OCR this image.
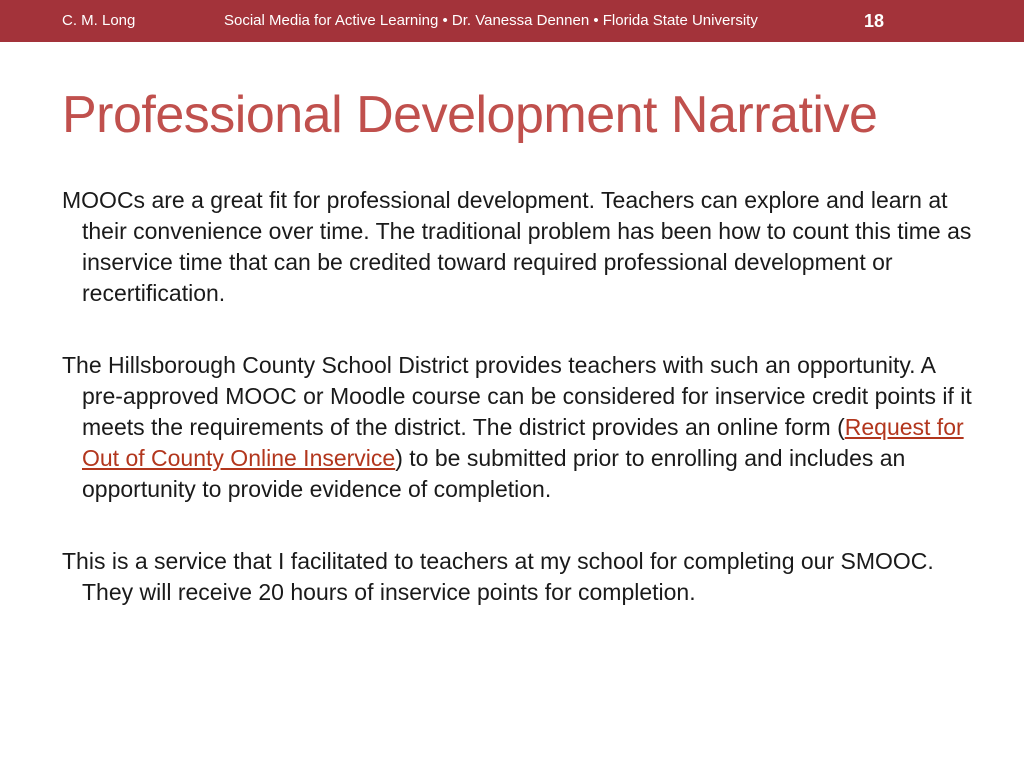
C. M. Long	Social Media for Active Learning • Dr. Vanessa Dennen • Florida State University	18
Professional Development Narrative

MOOCs are a great fit for professional development. Teachers can explore and learn at their convenience over time. The traditional problem has been how to count this time as inservice time that can be credited toward required professional development or recertification.

The Hillsborough County School District provides teachers with such an opportunity. A pre-approved MOOC or Moodle course can be considered for inservice credit points if it meets the requirements of the district. The district provides an online form (Request for Out of County Online Inservice) to be submitted prior to enrolling and includes an opportunity to provide evidence of completion.

This is a service that I facilitated to teachers at my school for completing our SMOOC. They will receive 20 hours of inservice points for completion.
